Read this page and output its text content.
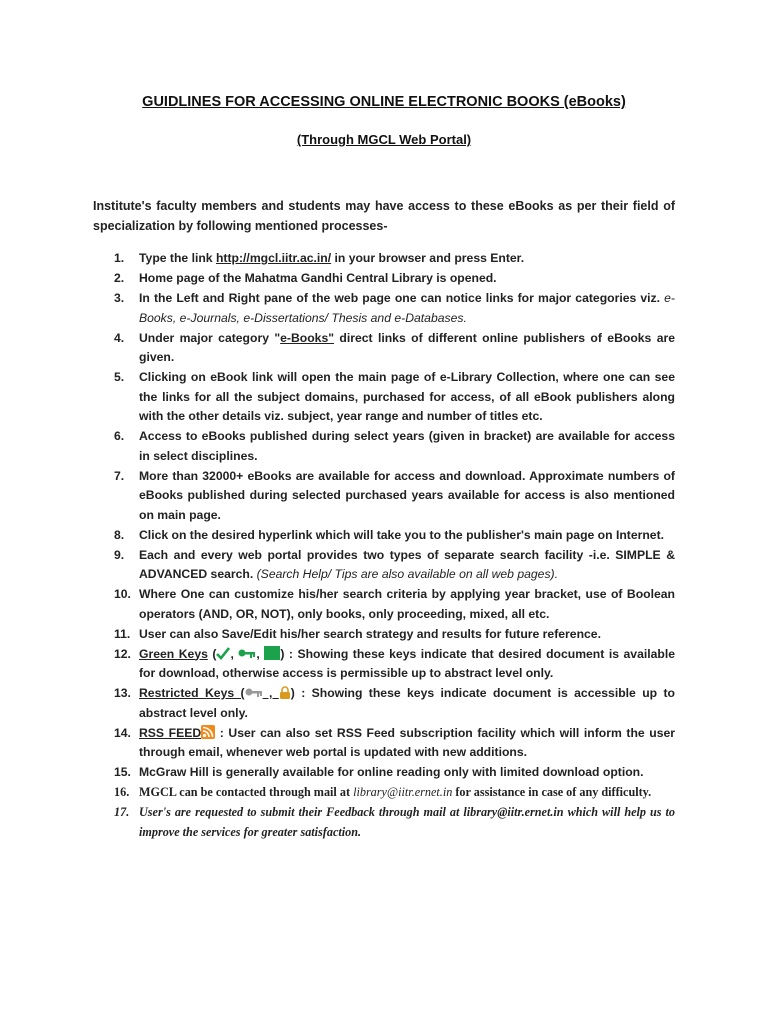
GUIDLINES FOR ACCESSING ONLINE ELECTRONIC BOOKS (eBooks)
(Through MGCL Web Portal)
Institute's faculty members and students may have access to these eBooks as per their field of specialization by following mentioned processes-
1. Type the link http://mgcl.iitr.ac.in/ in your browser and press Enter.
2. Home page of the Mahatma Gandhi Central Library is opened.
3. In the Left and Right pane of the web page one can notice links for major categories viz. e-Books, e-Journals, e-Dissertations/ Thesis and e-Databases.
4. Under major category "e-Books" direct links of different online publishers of eBooks are given.
5. Clicking on eBook link will open the main page of e-Library Collection, where one can see the links for all the subject domains, purchased for access, of all eBook publishers along with the other details viz. subject, year range and number of titles etc.
6. Access to eBooks published during select years (given in bracket) are available for access in select disciplines.
7. More than 32000+ eBooks are available for access and download. Approximate numbers of eBooks published during selected purchased years available for access is also mentioned on main page.
8. Click on the desired hyperlink which will take you to the publisher's main page on Internet.
9. Each and every web portal provides two types of separate search facility -i.e. SIMPLE & ADVANCED search. (Search Help/ Tips are also available on all web pages).
10. Where One can customize his/her search criteria by applying year bracket, use of Boolean operators (AND, OR, NOT), only books, only proceeding, mixed, all etc.
11. User can also Save/Edit his/her search strategy and results for future reference.
12. Green Keys ( , , ) : Showing these keys indicate that desired document is available for download, otherwise access is permissible up to abstract level only.
13. Restricted Keys ( , ) : Showing these keys indicate document is accessible up to abstract level only.
14. RSS FEED
: User can also set RSS Feed subscription facility which will inform the user through email, whenever web portal is updated with new additions.
15. McGraw Hill is generally available for online reading only with limited download option.
16. MGCL can be contacted through mail at library@iitr.ernet.in for assistance in case of any difficulty.
17. User's are requested to submit their Feedback through mail at library@iitr.ernet.in which will help us to improve the services for greater satisfaction.
